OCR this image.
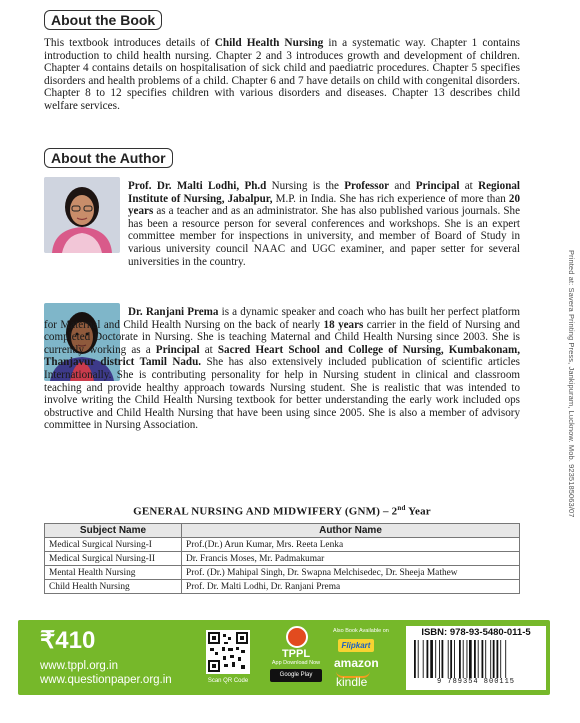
About the Book

This textbook introduces details of Child Health Nursing in a systematic way. Chapter 1 contains introduction to child health nursing. Chapter 2 and 3 introduces growth and development of children. Chapter 4 contains details on hospitalisation of sick child and paediatric procedures. Chapter 5 specifies disorders and health problems of a child. Chapter 6 and 7 have details on child with congenital disorders. Chapter 8 to 12 specifies children with various disorders and diseases. Chapter 13 describes child welfare services.

About the Author

Prof. Dr. Malti Lodhi, Ph.d Nursing is the Professor and Principal at Regional Institute of Nursing, Jabalpur, M.P. in India. She has rich experience of more than 20 years as a teacher and as an administrator. She has also published various journals. She has been a resource person for several conferences and workshops. She is an expert committee member for inspections in university, and member of Board of Study in various university council NAAC and UGC examiner, and paper setter for several universities in the country.

Dr. Ranjani Prema is a dynamic speaker and coach who has built her perfect platform for Maternal and Child Health Nursing on the back of nearly 18 years carrier in the field of Nursing and completed Doctorate in Nursing. She is teaching Maternal and Child Health Nursing since 2003. She is currently working as a Principal at Sacred Heart School and College of Nursing, Kumbakonam, Thanjavur district Tamil Nadu. She has also extensively included publication of scientific articles Internationally. She is contributing personality for help in Nursing student in clinical and classroom teaching and provide healthy approach towards Nursing student. She is realistic that was intended to involve writing the Child Health Nursing textbook for better understanding the early work included ops obstructive and Child Health Nursing that have been using since 2005. She is also a member of advisory committee in Nursing Association.	Printed at: Savera Printing Press, Jankipuram, Lucknow. Mob. 9235185063/07
GENERAL NURSING AND MIDWIFERY (GNM) – 2nd Year
Subject Name	Author Name
Medical Surgical Nursing-I	Prof.(Dr.) Arun Kumar, Mrs. Reeta Lenka
Medical Surgical Nursing-II	Dr. Francis Moses, Mr. Padmakumar
Mental Health Nursing	Prof. (Dr.) Mahipal Singh, Dr. Swapna Melchisedec, Dr. Sheeja Mathew
Child Health Nursing	Prof. Dr. Malti Lodhi, Dr. Ranjani Prema
₹410
www.tppl.org.in
www.questionpaper.org.in	Scan QR Code
TPPL
App Download Now
Google Play
Also Book Available on
Flipkart
amazon
kindle
ISBN: 978-93-5480-011-5
9 789354 800115
